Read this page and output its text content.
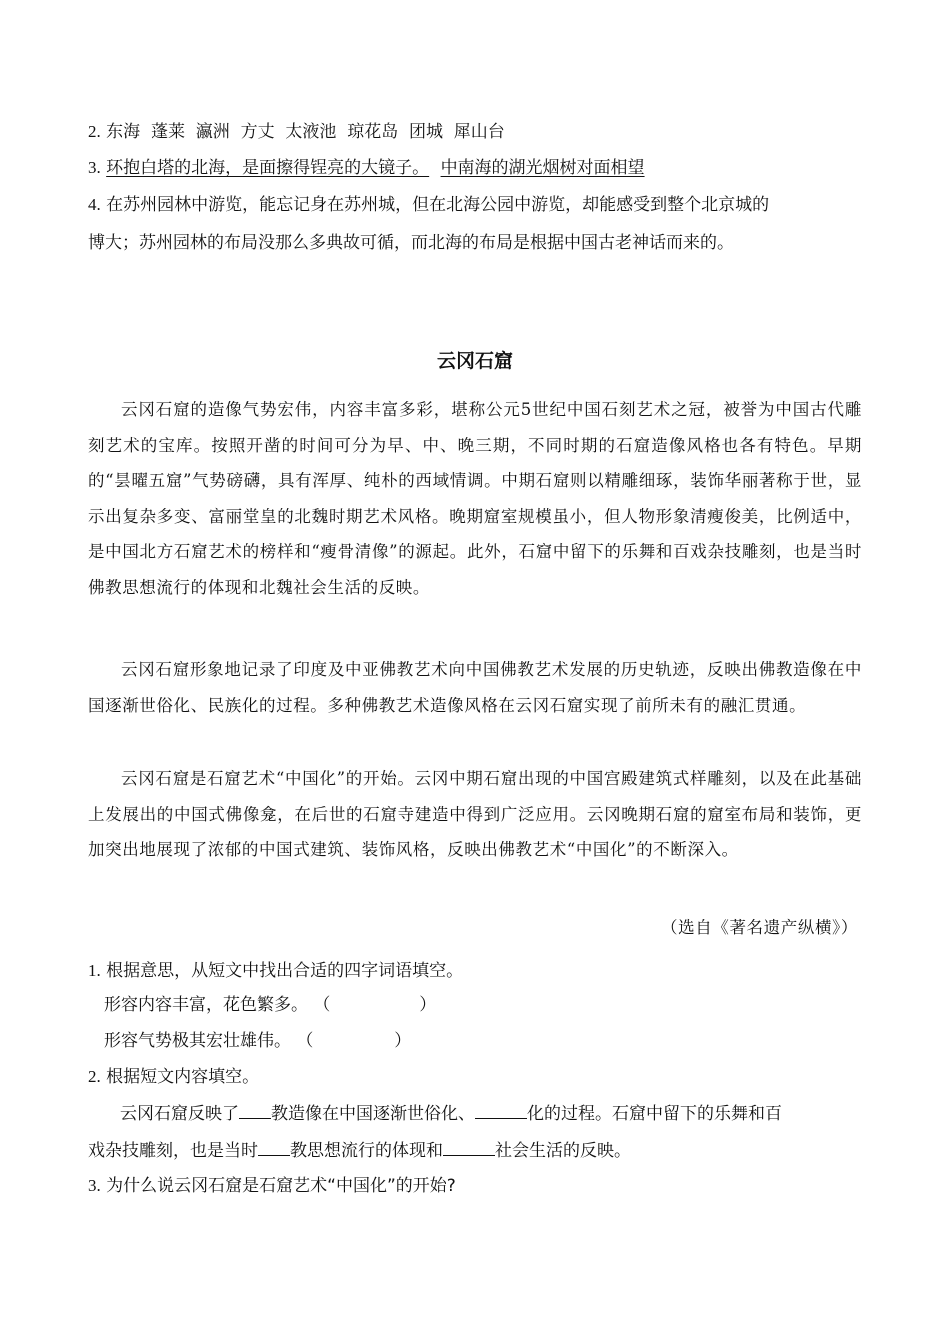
2. 东海  蓬莱  瀛洲  方丈  太液池  琼花岛  团城  犀山台
3. 环抱白塔的北海，是面擦得锃亮的大镜子。 中南海的湖光烟树对面相望
4. 在苏州园林中游览，能忘记身在苏州城，但在北海公园中游览，却能感受到整个北京城的
博大；苏州园林的布局没那么多典故可循，而北海的布局是根据中国古老神话而来的。
云冈石窟
云冈石窟的造像气势宏伟，内容丰富多彩，堪称公元5世纪中国石刻艺术之冠，被誉为中国古代雕刻艺术的宝库。按照开凿的时间可分为早、中、晚三期，不同时期的石窟造像风格也各有特色。早期的“昙曜五窟”气势磅礴，具有浑厚、纯朴的西域情调。中期石窟则以精雕细琢，装饰华丽著称于世，显示出复杂多变、富丽堂皇的北魏时期艺术风格。晚期窟室规模虽小，但人物形象清瘦俊美，比例适中，是中国北方石窟艺术的榜样和“瘦骨清像”的源起。此外，石窟中留下的乐舞和百戏杂技雕刻，也是当时佛教思想流行的体现和北魏社会生活的反映。
云冈石窟形象地记录了印度及中亚佛教艺术向中国佛教艺术发展的历史轨迹，反映出佛教造像在中国逐渐世俗化、民族化的过程。多种佛教艺术造像风格在云冈石窟实现了前所未有的融汇贯通。
云冈石窟是石窟艺术“中国化”的开始。云冈中期石窟出现的中国宫殿建筑式样雕刻，以及在此基础上发展出的中国式佛像龛，在后世的石窟寺建造中得到广泛应用。云冈晚期石窟的窟室布局和装饰，更加突出地展现了浓郁的中国式建筑、装饰风格，反映出佛教艺术“中国化”的不断深入。
（选自《著名遗产纵横》）
1. 根据意思，从短文中找出合适的四字词语填空。
形容内容丰富，花色繁多。 （	）
形容气势极其宏壮雄伟。 （	）
2. 根据短文内容填空。
云冈石窟反映了 教造像在中国逐渐世俗化、	化的过程。石窟中留下的乐舞和百
戏杂技雕刻，也是当时 教思想流行的体现和	社会生活的反映。
3. 为什么说云冈石窟是石窟艺术“中国化”的开始?
